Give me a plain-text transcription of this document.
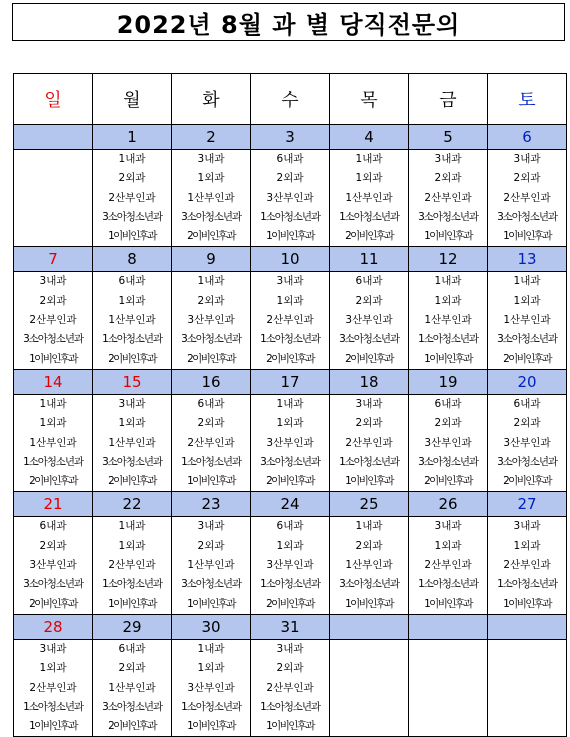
2022년 8월 과 별 당직전문의
일	월	화	수	목	금	토
	1	2	3	4	5	6

	1내과
2외과
2산부인과
3소아청소년과
1이비인후과	3내과
1외과
1산부인과
3소아청소년과
2이비인후과	6내과
2외과
3산부인과
1소아청소년과
1이비인후과	1내과
1외과
1산부인과
1소아청소년과
2이비인후과	3내과
2외과
2산부인과
3소아청소년과
1이비인후과	3내과
2외과
2산부인과
3소아청소년과
1이비인후과

7	8	9	10	11	12	13

3내과
2외과
2산부인과
3소아청소년과
1이비인후과	6내과
1외과
1산부인과
1소아청소년과
2이비인후과	1내과
2외과
3산부인과
3소아청소년과
2이비인후과	3내과
1외과
2산부인과
1소아청소년과
2이비인후과	6내과
2외과
3산부인과
3소아청소년과
2이비인후과	1내과
1외과
1산부인과
1소아청소년과
1이비인후과	1내과
1외과
1산부인과
3소아청소년과
2이비인후과

14	15	16	17	18	19	20

1내과
1외과
1산부인과
1소아청소년과
2이비인후과	3내과
1외과
1산부인과
3소아청소년과
2이비인후과	6내과
2외과
2산부인과
1소아청소년과
1이비인후과	1내과
1외과
3산부인과
3소아청소년과
2이비인후과	3내과
2외과
2산부인과
1소아청소년과
1이비인후과	6내과
2외과
3산부인과
3소아청소년과
2이비인후과	6내과
2외과
3산부인과
3소아청소년과
2이비인후과

21	22	23	24	25	26	27

6내과
2외과
3산부인과
3소아청소년과
2이비인후과	1내과
1외과
2산부인과
1소아청소년과
1이비인후과	3내과
2외과
1산부인과
3소아청소년과
1이비인후과	6내과
1외과
3산부인과
1소아청소년과
2이비인후과	1내과
2외과
1산부인과
3소아청소년과
1이비인후과	3내과
1외과
2산부인과
1소아청소년과
1이비인후과	3내과
1외과
2산부인과
1소아청소년과
1이비인후과

28	29	30	31			

3내과
1외과
2산부인과
1소아청소년과
1이비인후과	6내과
2외과
1산부인과
3소아청소년과
2이비인후과	1내과
1외과
3산부인과
1소아청소년과
1이비인후과	3내과
2외과
2산부인과
1소아청소년과
1이비인후과			
